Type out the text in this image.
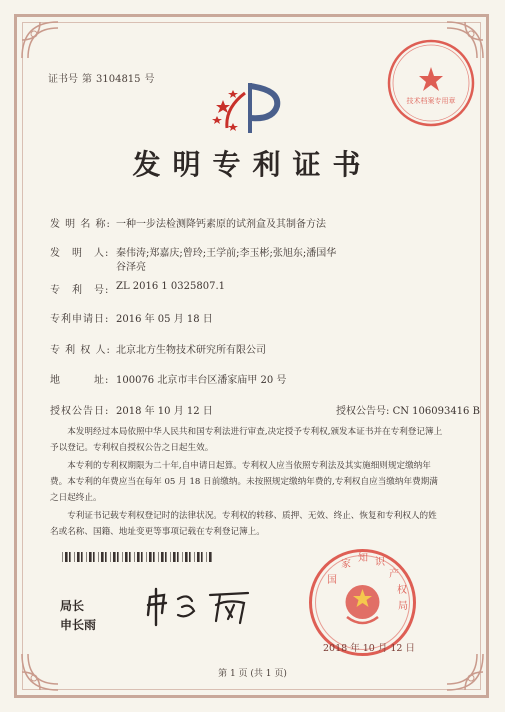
证书号 第 3104815 号
技术档案专用章
发明专利证书
发 明 名 称: 一种一步法检测降钙素原的试剂盒及其制备方法
发　明　人: 秦伟涛;郑嘉庆;曾玲;王学前;李玉彬;张旭东;潘国华
谷泽亮
专　利　号: ZL 2016 1 0325807.1
专利申请日: 2016 年 05 月 18 日
专 利 权 人: 北京北方生物技术研究所有限公司
地　　　址: 100076 北京市丰台区潘家庙甲 20 号
授权公告日: 2018 年 10 月 12 日	授权公告号: CN 106093416 B
本发明经过本局依照中华人民共和国专利法进行审查,决定授予专利权,颁发本证书并在专利登记簿上予以登记。专利权自授权公告之日起生效。
本专利的专利权期限为二十年,自申请日起算。专利权人应当依照专利法及其实施细则规定缴纳年费。本专利的年费应当在每年 05 月 18 日前缴纳。未按照规定缴纳年费的,专利权自应当缴纳年费期满之日起终止。
专利证书记载专利权登记时的法律状况。专利权的转移、质押、无效、终止、恢复和专利权人的姓名或名称、国籍、地址变更等事项记载在专利登记簿上。
局长
申长雨
国
家
知 识
产
权
局
2018 年 10 月 12 日
第 1 页 (共 1 页)
